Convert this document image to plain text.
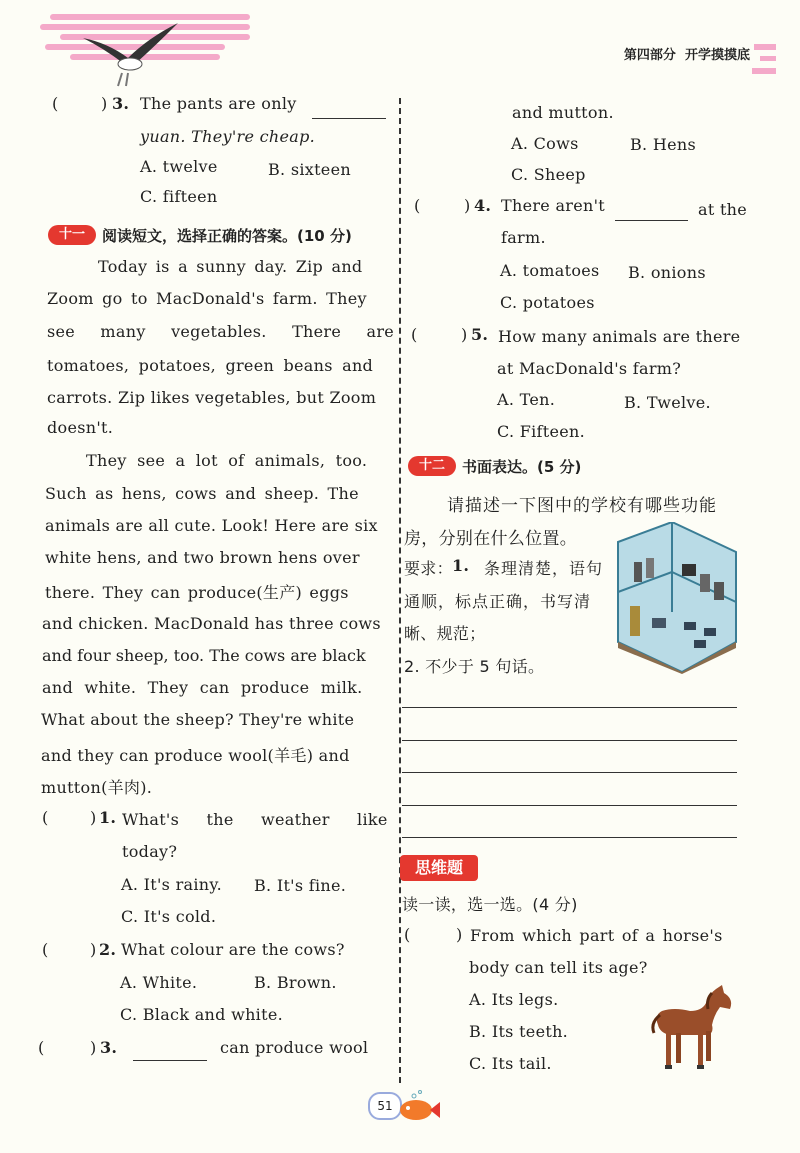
第四部分 开学摸摸底
(	) 3. The pants are only
yuan. They're cheap.
A. twelve	B. sixteen
C. fifteen
十一	阅读短文，选择正确的答案。(10 分)
Today is a sunny day. Zip and
Zoom go to MacDonald's farm. They
see many vegetables. There are
tomatoes, potatoes, green beans and
carrots. Zip likes vegetables, but Zoom
doesn't.
They see a lot of animals, too.
Such as hens, cows and sheep. The
animals are all cute. Look! Here are six
white hens, and two brown hens over
there. They can produce(生产) eggs
and chicken. MacDonald has three cows
and four sheep, too. The cows are black
and white. They can produce milk.
What about the sheep? They're white
and they can produce wool(羊毛) and
mutton(羊肉).
(	) 1. What's the weather like
today?
A. It's rainy. B. It's fine.
C. It's cold.
(	) 2. What colour are the cows?
A. White.	B. Brown.
C. Black and white.
(	) 3.	can produce wool
and mutton.
A. Cows	B. Hens
C. Sheep
(	) 4. There aren't	at the
farm.
A. tomatoes B. onions
C. potatoes
(	) 5. How many animals are there
at MacDonald's farm?
A. Ten.	B. Twelve.
C. Fifteen.
十二	书面表达。(5 分)
请描述一下图中的学校有哪些功能
房，分别在什么位置。
要求： 1. 条理清楚，语句
通顺，标点正确，书写清
晰、规范；
2. 不少于 5 句话。
思维题
读一读，选一选。(4 分)
(	) From which part of a horse's
body can tell its age?
A. Its legs.
B. Its teeth.
C. Its tail.
51
